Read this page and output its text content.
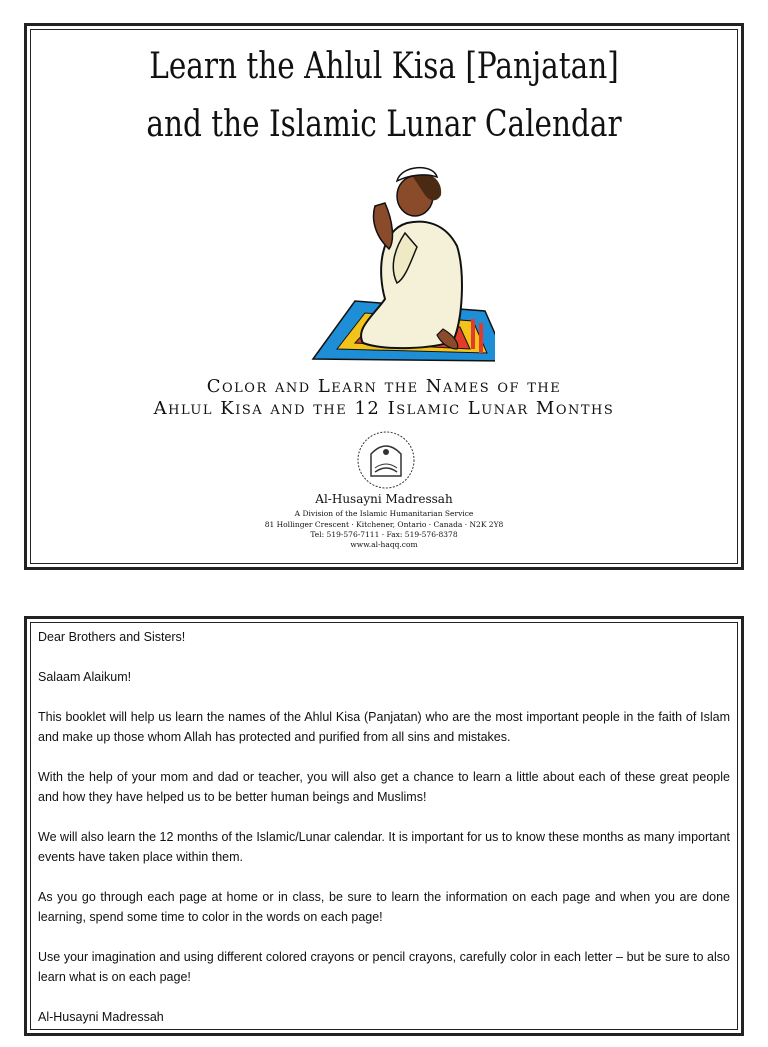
Learn the Ahlul Kisa [Panjatan]
and the Islamic Lunar Calendar
Color and Learn the Names of the
Ahlul Kisa and the 12 Islamic Lunar Months
Al-Husayni Madressah
A Division of the Islamic Humanitarian Service
81 Hollinger Crescent · Kitchener, Ontario · Canada · N2K 2Y8
Tel: 519-576-7111 · Fax: 519-576-8378
www.al-haqq.com

Dear Brothers and Sisters!

Salaam Alaikum!

This booklet will help us learn the names of the Ahlul Kisa (Panjatan) who are the most important people in the faith of Islam and make up those whom Allah has protected and purified from all sins and mistakes.

With the help of your mom and dad or teacher, you will also get a chance to learn a little about each of these great people and how they have helped us to be better human beings and Muslims!

We will also learn the 12 months of the Islamic/Lunar calendar. It is important for us to know these months as many important events have taken place within them.

As you go through each page at home or in class, be sure to learn the information on each page and when you are done learning, spend some time to color in the words on each page!

Use your imagination and using different colored crayons or pencil crayons, carefully color in each letter – but be sure to also learn what is on each page!

Al-Husayni Madressah
